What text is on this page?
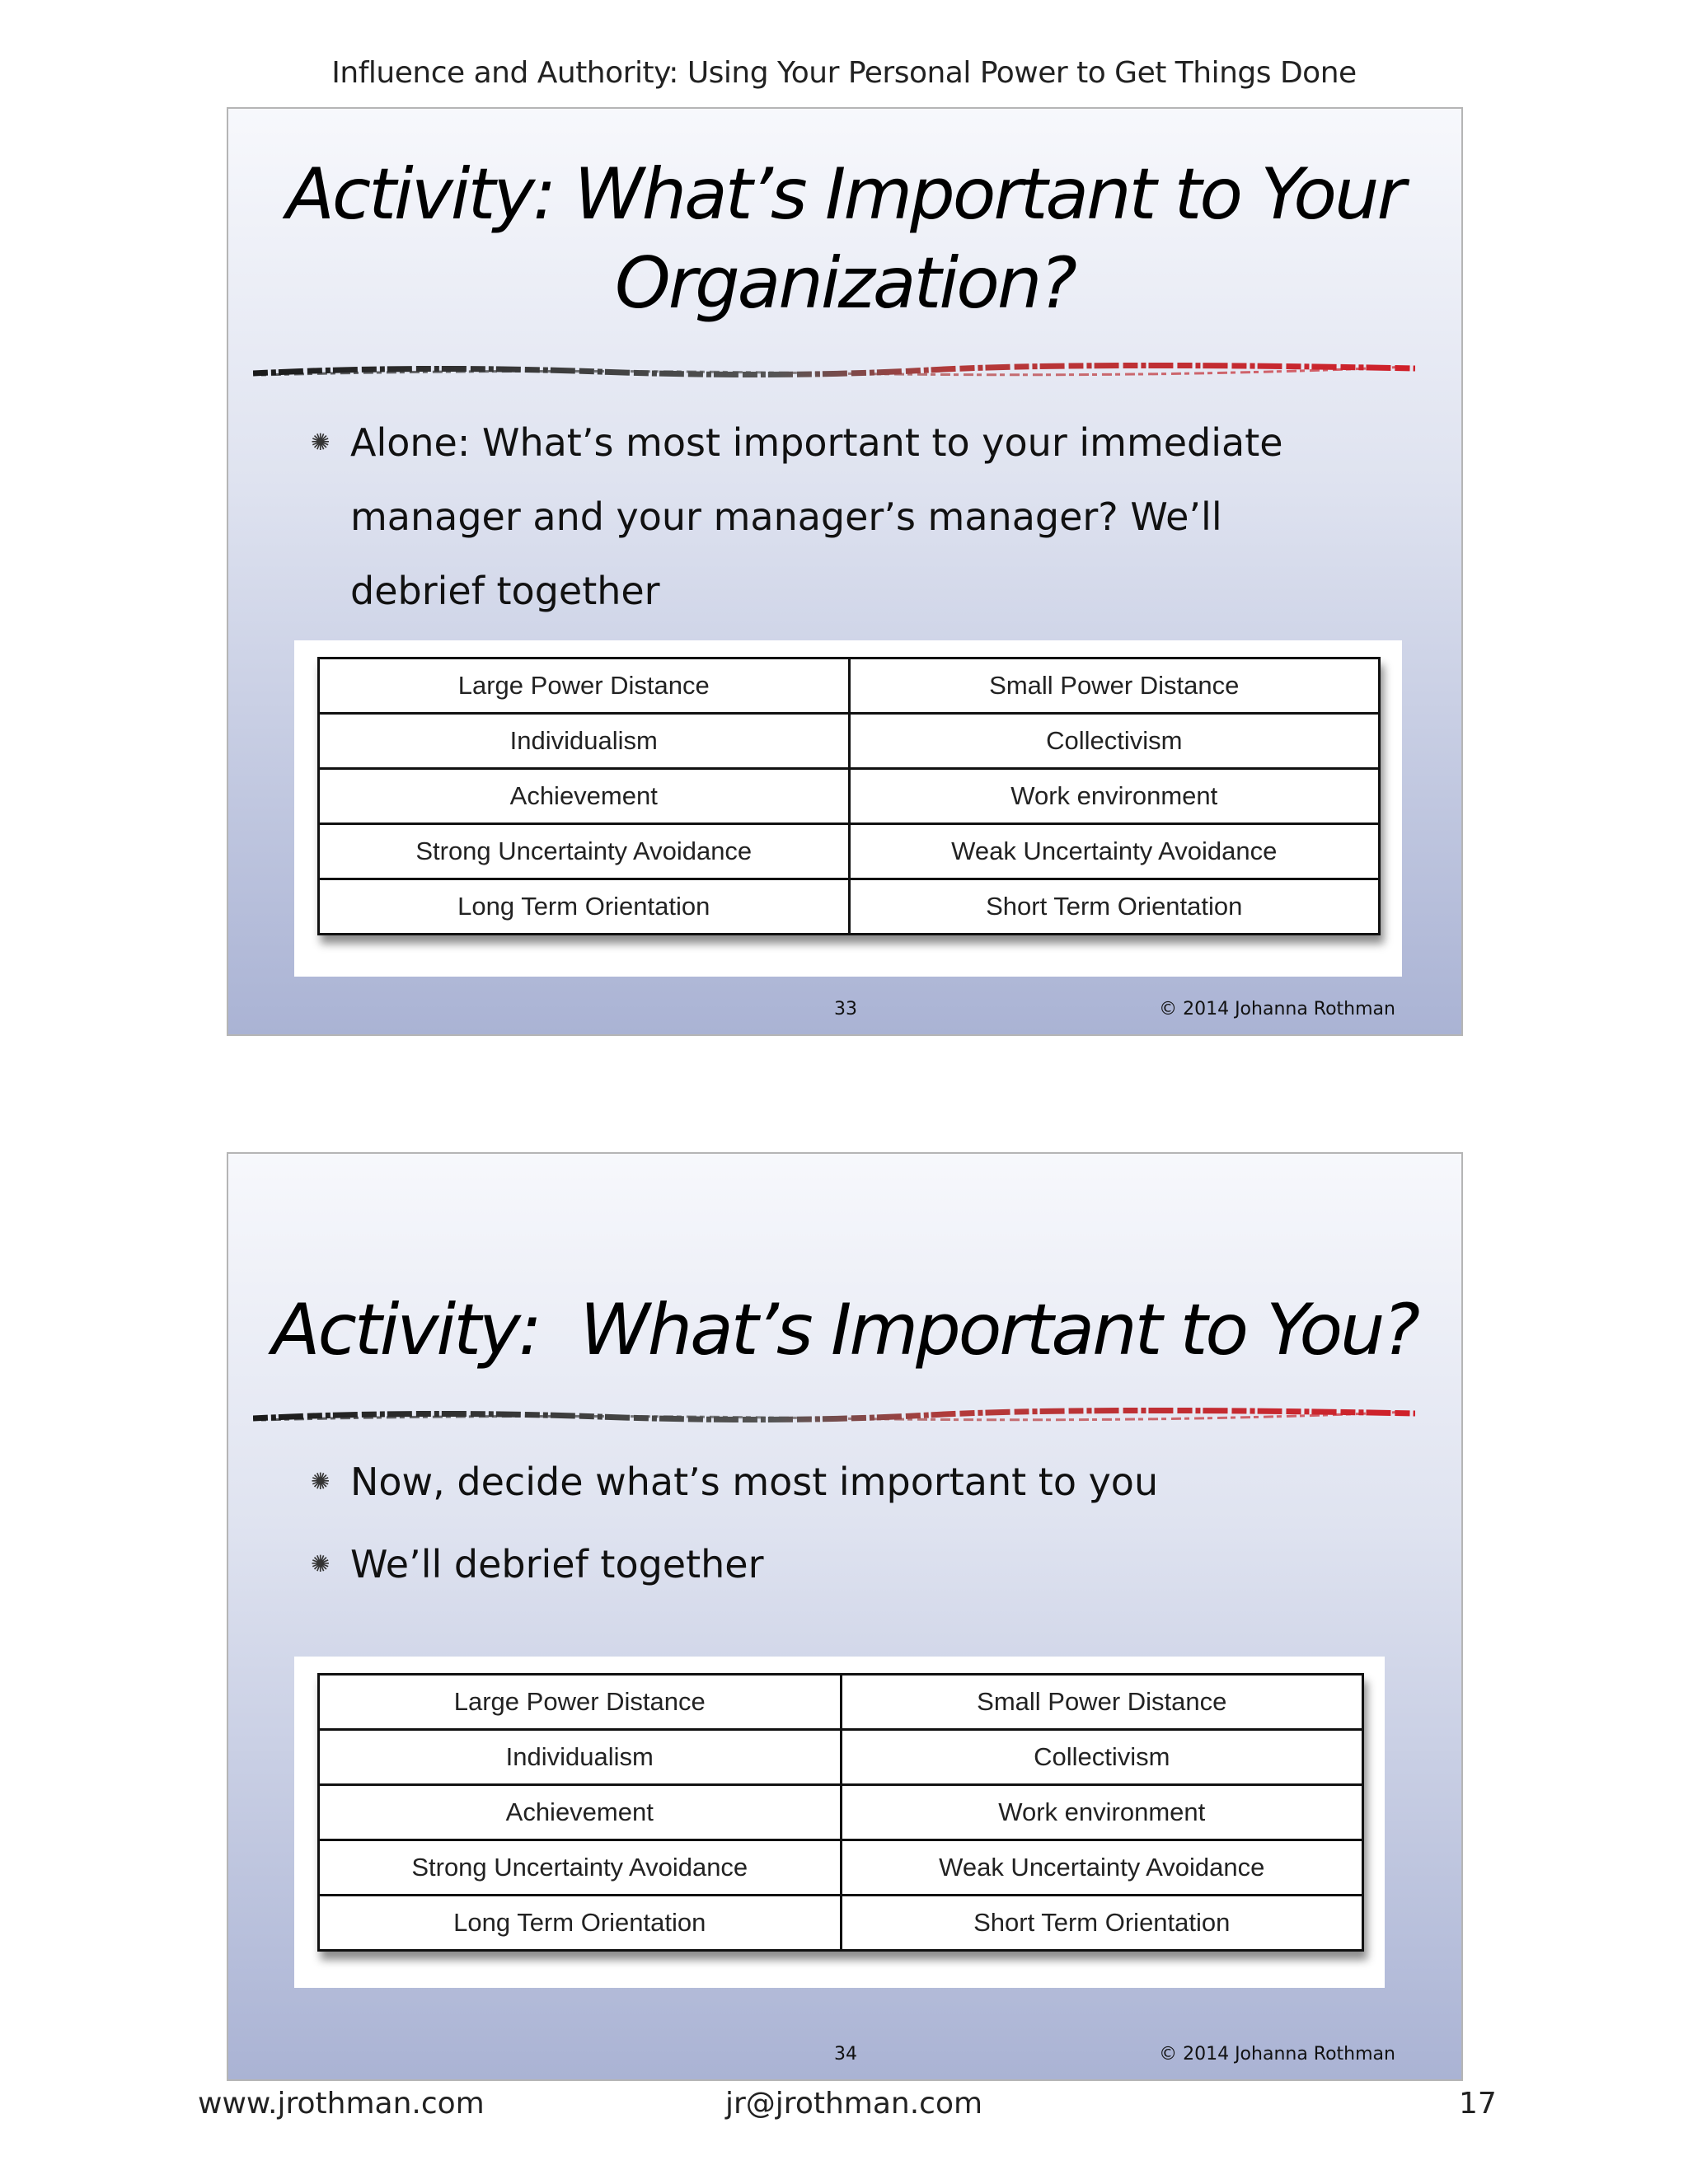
Influence and Authority: Using Your Personal Power to Get Things Done
Activity: What’s Important to Your
Organization?
✺ Alone: What’s most important to your immediate manager and your manager’s manager? We’ll debrief together
Large Power Distance	Small Power Distance
Individualism	Collectivism
Achievement	Work environment
Strong Uncertainty Avoidance	Weak Uncertainty Avoidance
Long Term Orientation	Short Term Orientation
33	© 2014 Johanna Rothman
Activity:  What’s Important to You?
✺ Now, decide what’s most important to you
✺ We’ll debrief together
Large Power Distance	Small Power Distance
Individualism	Collectivism
Achievement	Work environment
Strong Uncertainty Avoidance	Weak Uncertainty Avoidance
Long Term Orientation	Short Term Orientation
34	© 2014 Johanna Rothman
www.jrothman.com	jr@jrothman.com	17
